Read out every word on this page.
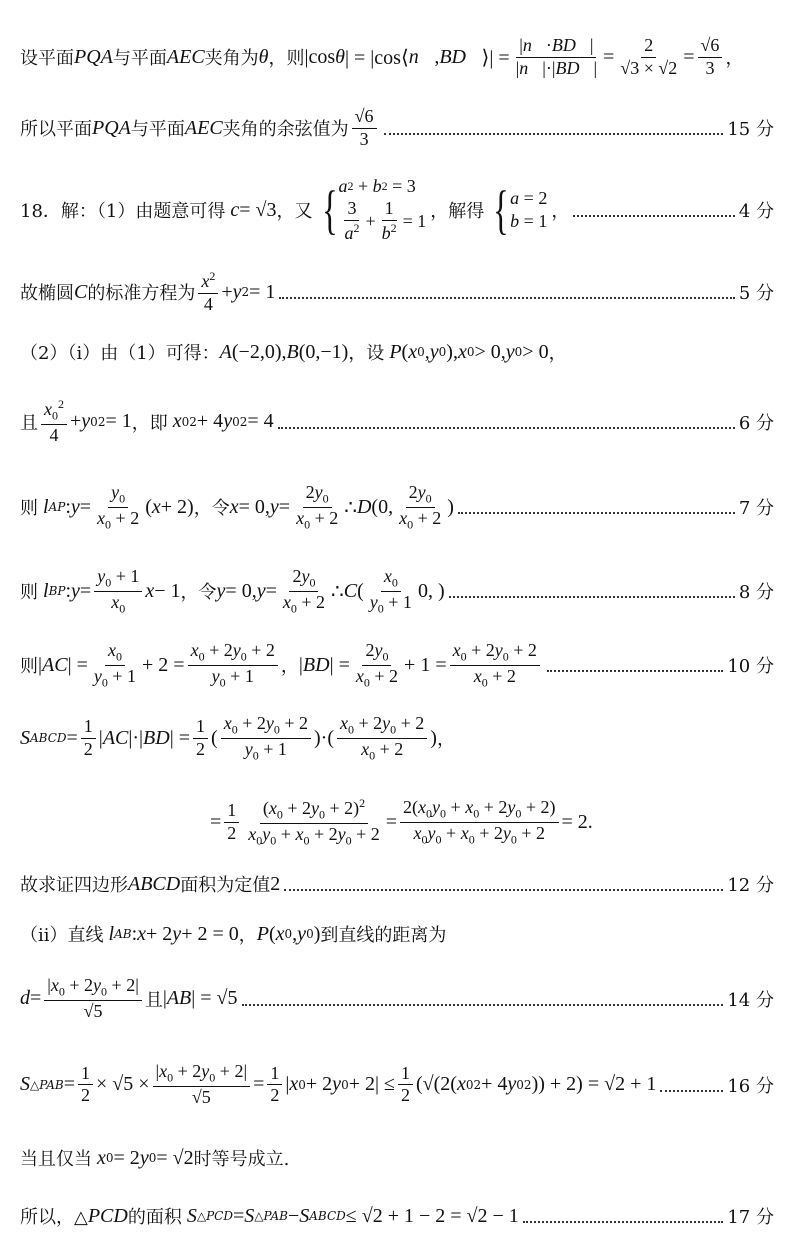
设平面 PQA 与平面 AEC 夹角为 θ ，则 |cos θ | = |cos⟨ n⃗ , BD⃗ ⟩| = $\frac{|n⃗\cdot BD⃗|}{|n⃗|\cdot|BD⃗|} = \frac{2}{√3 \times √2} = \frac{√6}{3}$ ，
所以平面 PQA 与平面 AEC 夹角的余弦值为 $\frac{√6}{3}$	15 分
18．解：（1）由题意可得 c = √3 ，又 { a 2 + b 2 = 3
$\frac{3}{a^2} + \frac{1}{b^2} = 1$ ，解得 { a = 2
b = 1 ，	4 分
故椭圆 C 的标准方程为 $\frac{x^2}{4} + y$ 2 = 1	5 分
（2）（i）由（1）可得： A (−2,0), B (0,−1) ，设 P ( x 0 , y 0 ), x 0 > 0, y 0 > 0 ，
且 $\frac{x_0^2}{4} + y$ 0 2 = 1 ，即 x 0 2 + 4 y 0 2 = 4	6 分
则 l AP : $y = \frac{y_0}{x_0 + 2}$ ( x + 2) ，令 x = 0, $y = \frac{2y_0}{x_0 + 2}$ ∴ D (0, $\frac{2y_0}{x_0 + 2}$ )	7 分
则 l BP : $y = \frac{y_0 + 1}{x_0}$ x − 1 ，令 y = 0, $y = \frac{2y_0}{x_0 + 2}$ ∴ C ( $\frac{x_0}{y_0 + 1} 0$, )	8 分
则 | AC | = $\frac{x_0}{y_0 + 1} + 2 = \frac{x_0 + 2y_0 + 2}{y_0 + 1}$ ， | BD | = $\frac{2y_0}{x_0 + 2} + 1 = \frac{x_0 + 2y_0 + 2}{x_0 + 2}$	10 分
S ABCD = $\frac{1}{2}$ | AC |·| BD | = $\frac{1}{2}$ ( $\frac{x_0 + 2y_0 + 2}{y_0 + 1}$ )·( $\frac{x_0 + 2y_0 + 2}{x_0 + 2}$ ) ，
= $\frac{1}{2} \frac{(x_0 + 2y_0 + 2)^2}{x_0y_0 + x_0 + 2y_0 + 2} = \frac{2(x_0y_0 + x_0 + 2y_0 + 2)}{x_0y_0 + x_0 + 2y_0 + 2} = 2$.
故求证四边形 ABCD 面积为定值 2	12 分
（ii）直线 l AB : x + 2 y + 2 = 0 ， P ( x 0 , y 0 ) 到直线的距离为
$d = \frac{|x_0 + 2y_0 + 2|}{√5}$ 且 | AB | = √5	14 分
S △PAB = $\frac{1}{2} \times √5 \times \frac{|x_0 + 2y_0 + 2|}{√5} = \frac{1}{2}$ | x 0 + 2 y $0 + 2| \le \frac{1}{2} (√(2$( x 0 2 + 4 y 0 2 )) + 2) = √2 + 1	16 分
当且仅当 x 0 = 2 y 0 = √2 时等号成立.
所以，△ PCD 的面积 S △PCD = S △PAB − S ABCD ≤ √2 + 1 − 2 = √2 − 1	17 分
